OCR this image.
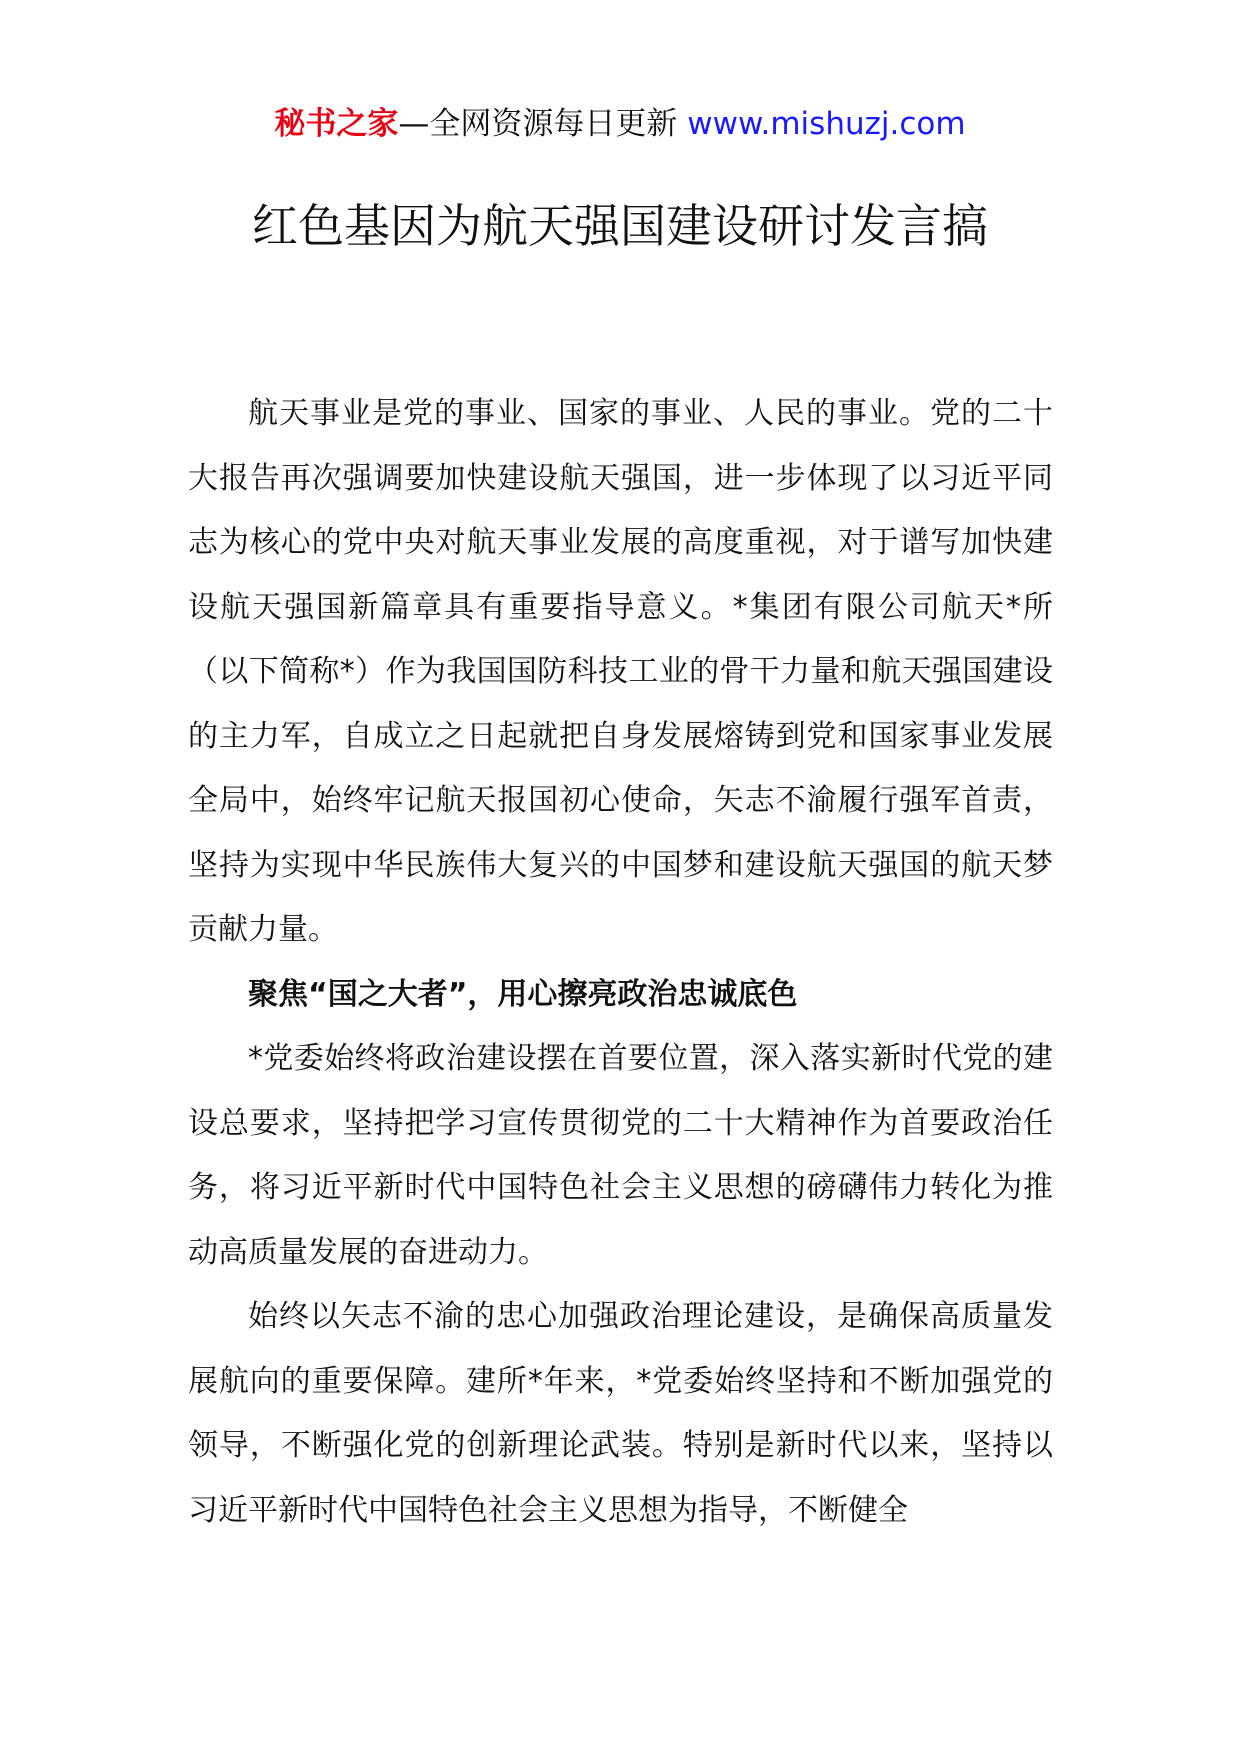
秘书之家—全网资源每日更新 www.mishuzj.com
红色基因为航天强国建设研讨发言搞

航天事业是党的事业、国家的事业、人民的事业。党的二十大报告再次强调要加快建设航天强国，进一步体现了以习近平同志为核心的党中央对航天事业发展的高度重视，对于谱写加快建设航天强国新篇章具有重要指导意义。*集团有限公司航天*所（以下简称*）作为我国国防科技工业的骨干力量和航天强国建设的主力军，自成立之日起就把自身发展熔铸到党和国家事业发展全局中，始终牢记航天报国初心使命，矢志不渝履行强军首责，坚持为实现中华民族伟大复兴的中国梦和建设航天强国的航天梦贡献力量。

聚焦“国之大者”，用心擦亮政治忠诚底色

*党委始终将政治建设摆在首要位置，深入落实新时代党的建设总要求，坚持把学习宣传贯彻党的二十大精神作为首要政治任务，将习近平新时代中国特色社会主义思想的磅礴伟力转化为推动高质量发展的奋进动力。

始终以矢志不渝的忠心加强政治理论建设，是确保高质量发展航向的重要保障。建所*年来，*党委始终坚持和不断加强党的领导，不断强化党的创新理论武装。特别是新时代以来，坚持以习近平新时代中国特色社会主义思想为指导，不断健全
